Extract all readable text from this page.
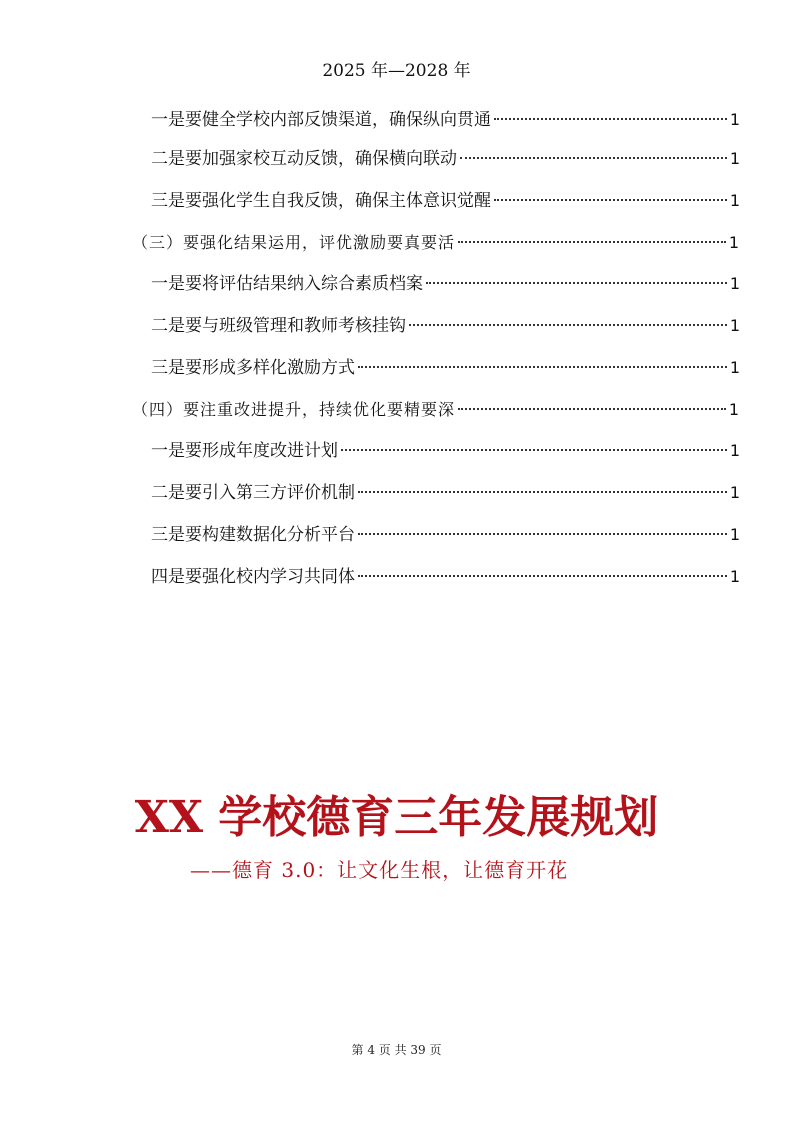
2025 年—2028 年
一是要健全学校内部反馈渠道，确保纵向贯通	1
二是要加强家校互动反馈，确保横向联动	1
三是要强化学生自我反馈，确保主体意识觉醒	1
（三）要强化结果运用，评优激励要真要活	1
一是要将评估结果纳入综合素质档案	1
二是要与班级管理和教师考核挂钩	1
三是要形成多样化激励方式	1
（四）要注重改进提升，持续优化要精要深	1
一是要形成年度改进计划	1
二是要引入第三方评价机制	1
三是要构建数据化分析平台	1
四是要强化校内学习共同体	1
XX 学校德育三年发展规划
——德育 3.0：让文化生根，让德育开花
第 4 页 共 39 页
